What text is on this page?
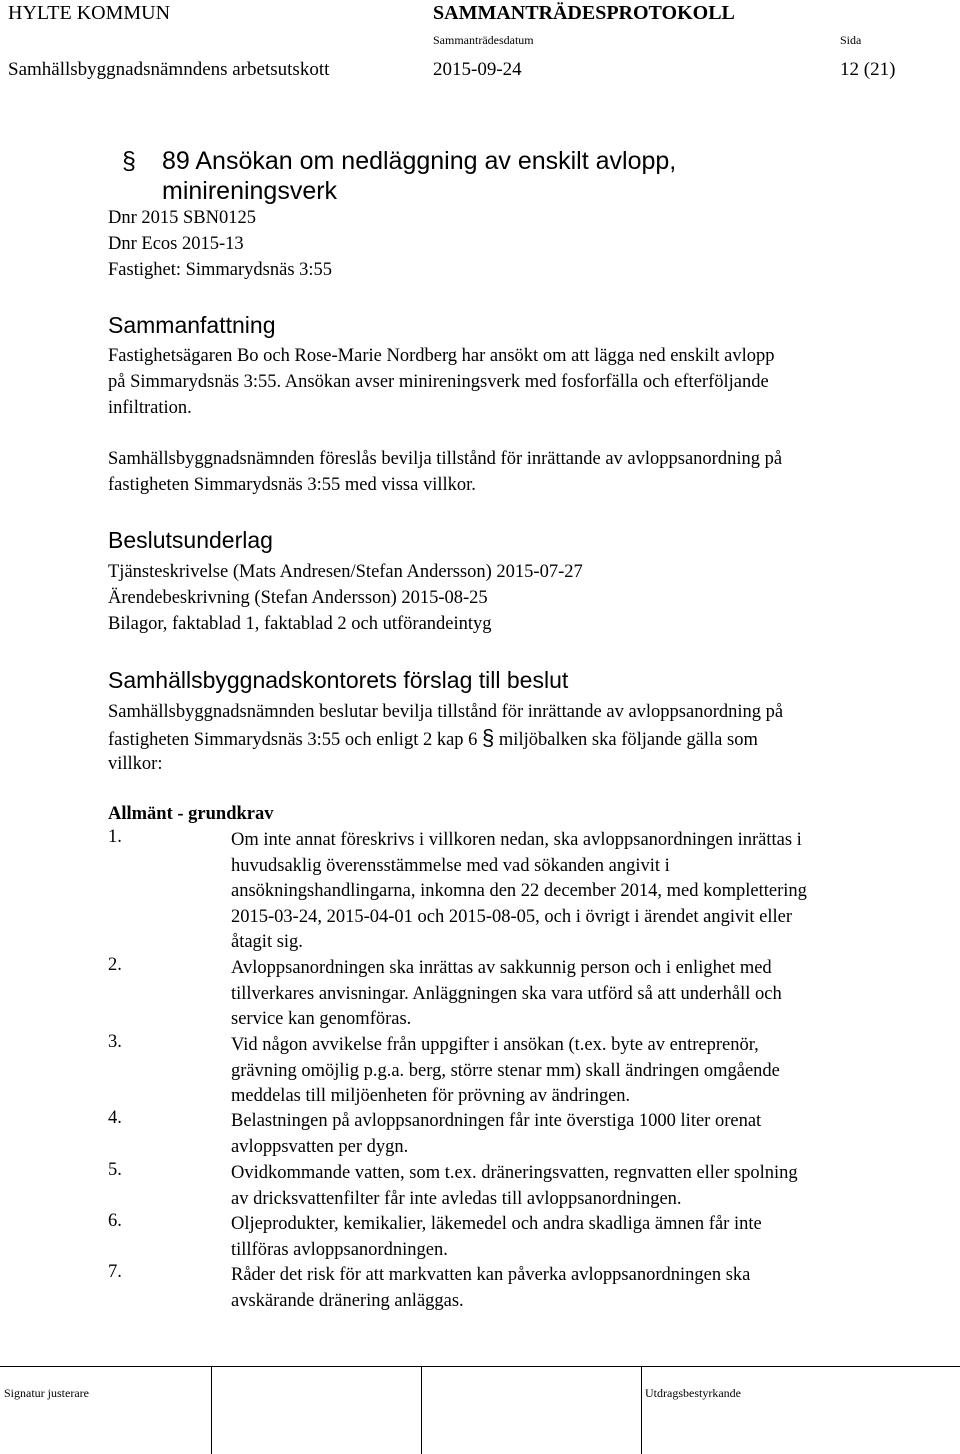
HYLTE KOMMUN	SAMMANTRÄDESPROTOKOLL
Sammanträdesdatum	Sida
Samhällsbyggnadsnämndens arbetsutskott	2015-09-24	12 (21)
§ 89 Ansökan om nedläggning av enskilt avlopp,
minireningsverk
Dnr 2015 SBN0125
Dnr Ecos 2015-13
Fastighet: Simmarydsnäs 3:55
Sammanfattning
Fastighetsägaren Bo och Rose-Marie Nordberg har ansökt om att lägga ned enskilt avlopp
på Simmarydsnäs 3:55. Ansökan avser minireningsverk med fosforfälla och efterföljande
infiltration.
Samhällsbyggnadsnämnden föreslås bevilja tillstånd för inrättande av avloppsanordning på
fastigheten Simmarydsnäs 3:55 med vissa villkor.
Beslutsunderlag
Tjänsteskrivelse (Mats Andresen/Stefan Andersson) 2015-07-27
Ärendebeskrivning (Stefan Andersson) 2015-08-25
Bilagor, faktablad 1, faktablad 2 och utförandeintyg
Samhällsbyggnadskontorets förslag till beslut
Samhällsbyggnadsnämnden beslutar bevilja tillstånd för inrättande av avloppsanordning på
fastigheten Simmarydsnäs 3:55 och enligt 2 kap 6 § miljöbalken ska följande gälla som
villkor:
Allmänt - grundkrav
1.	Om inte annat föreskrivs i villkoren nedan, ska avloppsanordningen inrättas i
huvudsaklig överensstämmelse med vad sökanden angivit i
ansökningshandlingarna, inkomna den 22 december 2014, med komplettering
2015-03-24, 2015-04-01 och 2015-08-05, och i övrigt i ärendet angivit eller
åtagit sig.
2.	Avloppsanordningen ska inrättas av sakkunnig person och i enlighet med
tillverkares anvisningar. Anläggningen ska vara utförd så att underhåll och
service kan genomföras.
3.	Vid någon avvikelse från uppgifter i ansökan (t.ex. byte av entreprenör,
grävning omöjlig p.g.a. berg, större stenar mm) skall ändringen omgående
meddelas till miljöenheten för prövning av ändringen.
4.	Belastningen på avloppsanordningen får inte överstiga 1000 liter orenat
avloppsvatten per dygn.
5.	Ovidkommande vatten, som t.ex. dräneringsvatten, regnvatten eller spolning
av dricksvattenfilter får inte avledas till avloppsanordningen.
6.	Oljeprodukter, kemikalier, läkemedel och andra skadliga ämnen får inte
tillföras avloppsanordningen.
7.	Råder det risk för att markvatten kan påverka avloppsanordningen ska
avskärande dränering anläggas.
Signatur justerare	Utdragsbestyrkande
